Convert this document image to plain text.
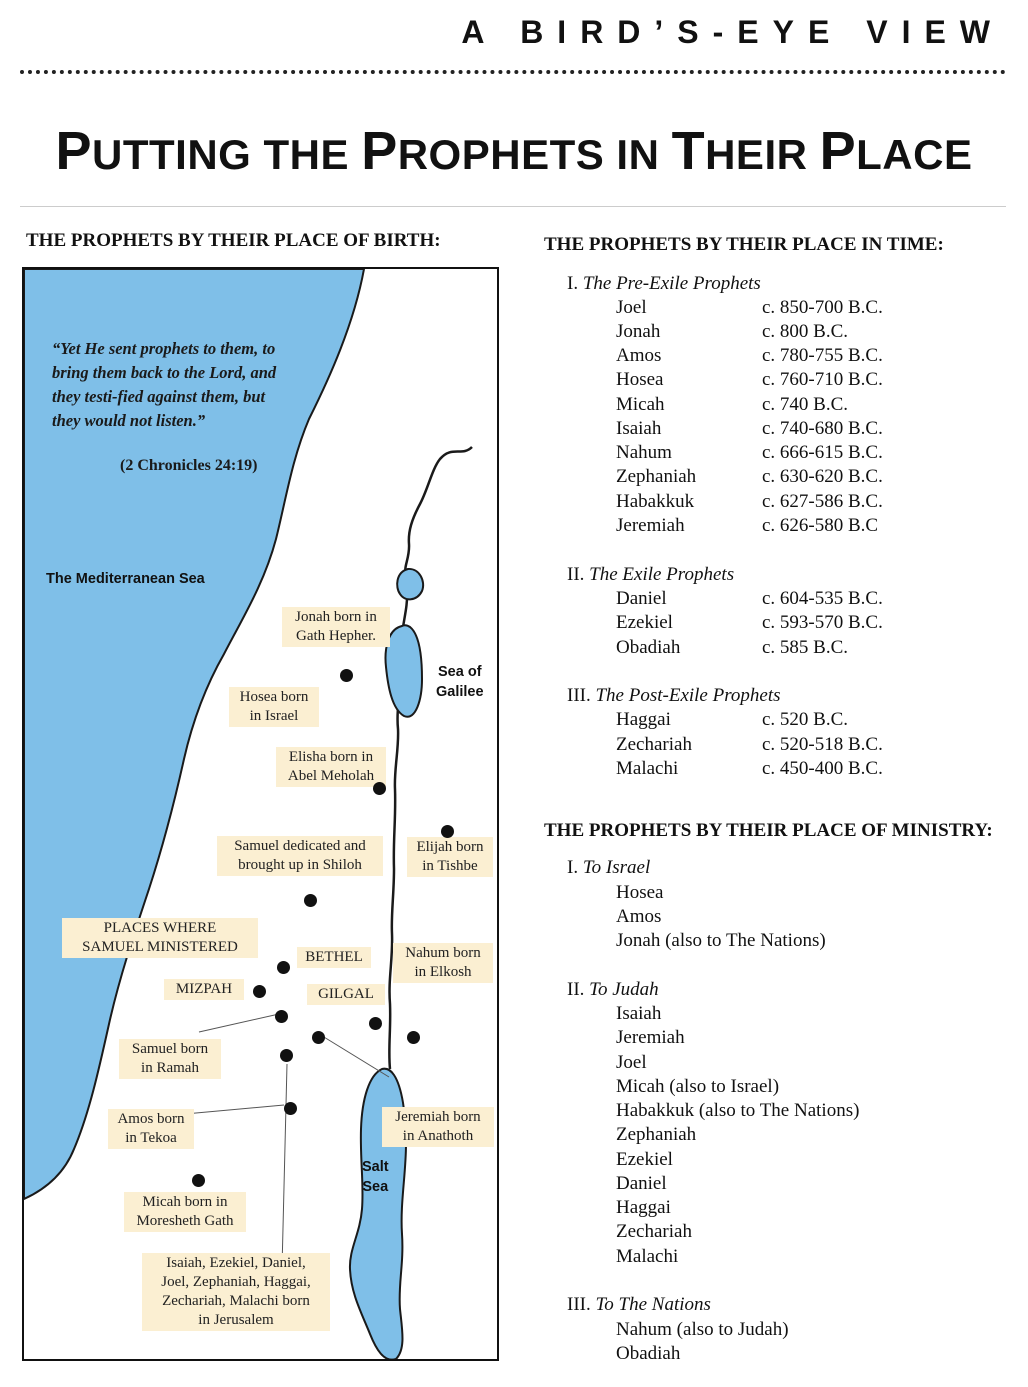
A BIRD’S-EYE VIEW
PUTTING THE PROPHETS IN THEIR PLACE
THE PROPHETS BY THEIR PLACE OF BIRTH:
“Yet He sent prophets to them, to bring them back to the Lord, and they testi-fied against them, but they would not listen.”
(2 Chronicles 24:19)
The Mediterranean Sea
Sea of
Galilee
Salt
Sea
Jonah born in
Gath Hepher.
Hosea born
in Israel
Elisha born in
Abel Meholah
Samuel dedicated and
brought up in Shiloh
Elijah born
in Tishbe
PLACES WHERE
SAMUEL MINISTERED
BETHEL	Nahum born
in Elkosh
MIZPAH	GILGAL
Samuel born
in Ramah
Amos born
in Tekoa
Jeremiah born
in Anathoth
Micah born in
Moresheth Gath
Isaiah, Ezekiel, Daniel,
Joel, Zephaniah, Haggai,
Zechariah, Malachi born
in Jerusalem
THE PROPHETS BY THEIR PLACE IN TIME:
I. The Pre-Exile Prophets
Joel	c. 850-700 B.C.
Jonah	c. 800 B.C.
Amos	c. 780-755 B.C.
Hosea	c. 760-710 B.C.
Micah	c. 740 B.C.
Isaiah	c. 740-680 B.C.
Nahum	c. 666-615 B.C.
Zephaniah	c. 630-620 B.C.
Habakkuk	c. 627-586 B.C.
Jeremiah	c. 626-580 B.C
II. The Exile Prophets
Daniel	c. 604-535 B.C.
Ezekiel	c. 593-570 B.C.
Obadiah	c. 585 B.C.
III. The Post-Exile Prophets
Haggai	c. 520 B.C.
Zechariah	c. 520-518 B.C.
Malachi	c. 450-400 B.C.
THE PROPHETS BY THEIR PLACE OF MINISTRY:
I. To Israel
Hosea
Amos
Jonah (also to The Nations)
II. To Judah
Isaiah
Jeremiah
Joel
Micah (also to Israel)
Habakkuk (also to The Nations)
Zephaniah
Ezekiel
Daniel
Haggai
Zechariah
Malachi
III. To The Nations
Nahum (also to Judah)
Obadiah
